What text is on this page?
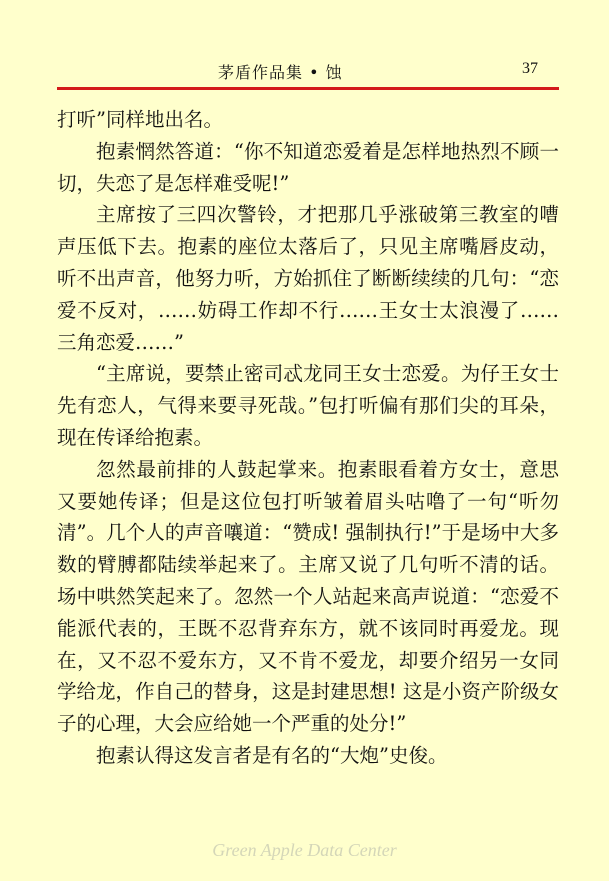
茅盾作品集 • 蚀	37

打听”同样地出名。

抱素惘然答道：“你不知道恋爱着是怎样地热烈不顾一切，失恋了是怎样难受呢!”

主席按了三四次警铃，才把那几乎涨破第三教室的嘈声压低下去。抱素的座位太落后了，只见主席嘴唇皮动，听不出声音，他努力听，方始抓住了断断续续的几句：“恋爱不反对，……妨碍工作却不行……王女士太浪漫了……三角恋爱……”

“主席说，要禁止密司忒龙同王女士恋爱。为仔王女士先有恋人，气得来要寻死哉。”包打听偏有那们尖的耳朵，现在传译给抱素。

忽然最前排的人鼓起掌来。抱素眼看着方女士，意思又要她传译；但是这位包打听皱着眉头咕噜了一句“听勿清”。几个人的声音嚷道：“赞成! 强制执行!”于是场中大多数的臂膊都陆续举起来了。主席又说了几句听不清的话。场中哄然笑起来了。忽然一个人站起来高声说道：“恋爱不能派代表的，王既不忍背弃东方，就不该同时再爱龙。现在，又不忍不爱东方，又不肯不爱龙，却要介绍另一女同学给龙，作自己的替身，这是封建思想! 这是小资产阶级女子的心理，大会应给她一个严重的处分!”

抱素认得这发言者是有名的“大炮”史俊。

Green Apple Data Center
